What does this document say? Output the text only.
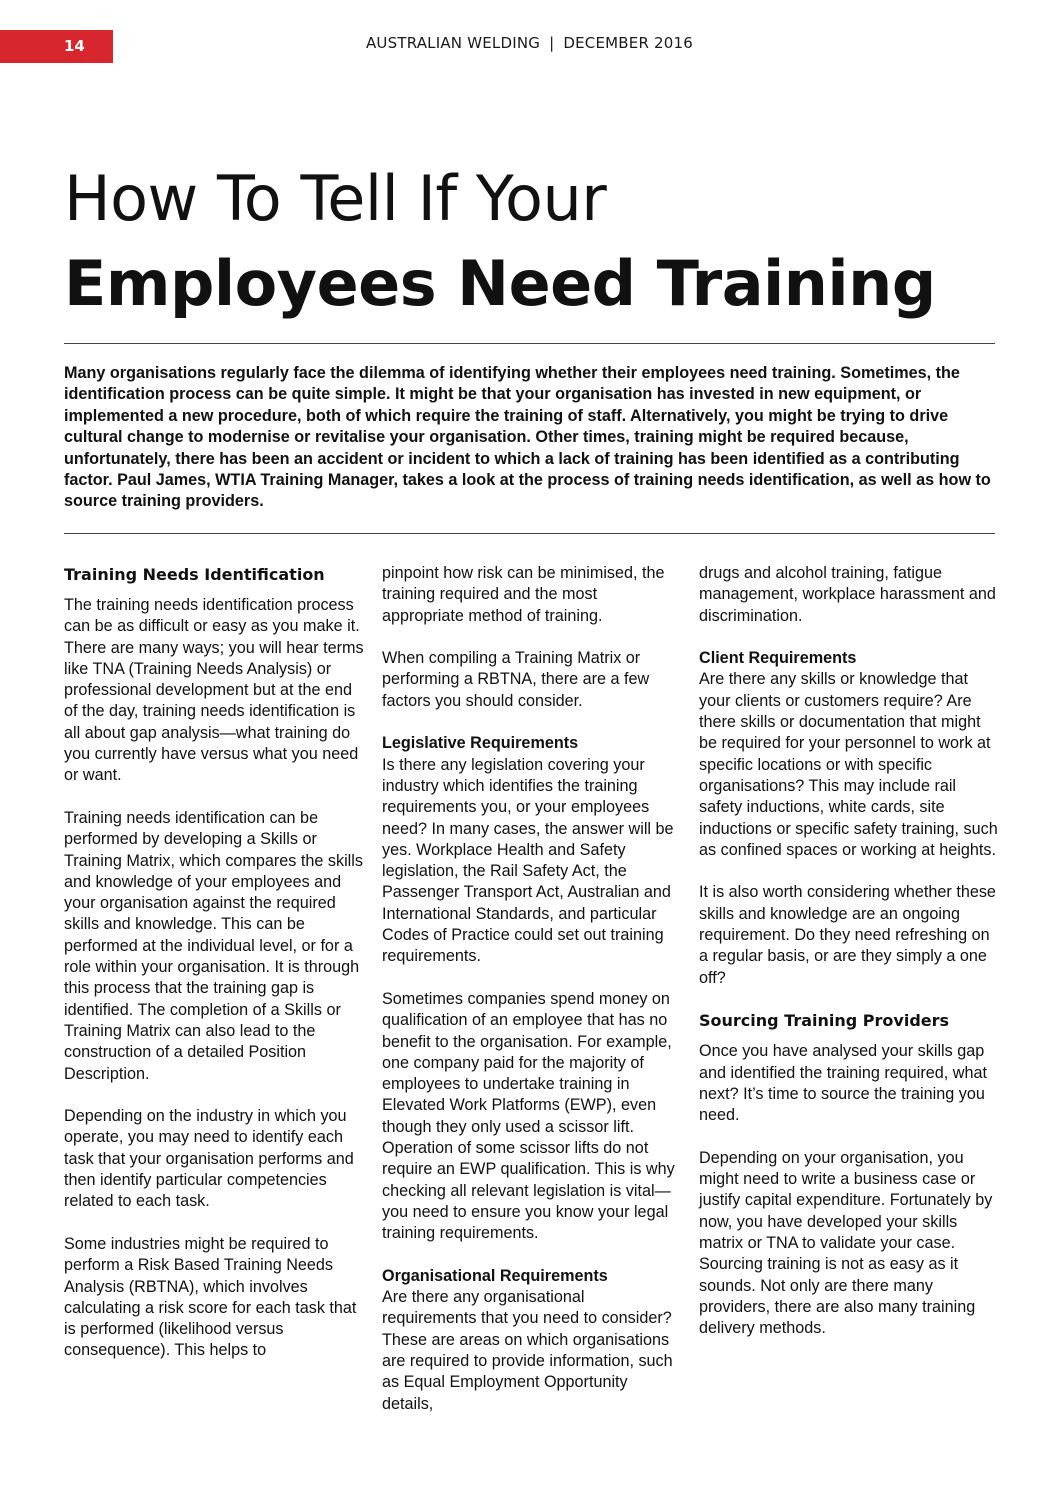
14	AUSTRALIAN WELDING | DECEMBER 2016
How To Tell If Your
Employees Need Training
Many organisations regularly face the dilemma of identifying whether their employees need training. Sometimes, the identification process can be quite simple. It might be that your organisation has invested in new equipment, or implemented a new procedure, both of which require the training of staff. Alternatively, you might be trying to drive cultural change to modernise or revitalise your organisation. Other times, training might be required because, unfortunately, there has been an accident or incident to which a lack of training has been identified as a contributing factor. Paul James, WTIA Training Manager, takes a look at the process of training needs identification, as well as how to source training providers.
Training Needs Identification

The training needs identification process can be as difficult or easy as you make it. There are many ways; you will hear terms like TNA (Training Needs Analysis) or professional development but at the end of the day, training needs identification is all about gap analysis—what training do you currently have versus what you need or want.

Training needs identification can be performed by developing a Skills or Training Matrix, which compares the skills and knowledge of your employees and your organisation against the required skills and knowledge. This can be performed at the individual level, or for a role within your organisation. It is through this process that the training gap is identified. The completion of a Skills or Training Matrix can also lead to the construction of a detailed Position Description.

Depending on the industry in which you operate, you may need to identify each task that your organisation performs and then identify particular competencies related to each task.

Some industries might be required to perform a Risk Based Training Needs Analysis (RBTNA), which involves calculating a risk score for each task that is performed (likelihood versus consequence). This helps to

pinpoint how risk can be minimised, the training required and the most appropriate method of training.

When compiling a Training Matrix or performing a RBTNA, there are a few factors you should consider.

Legislative Requirements

Is there any legislation covering your industry which identifies the training requirements you, or your employees need? In many cases, the answer will be yes. Workplace Health and Safety legislation, the Rail Safety Act, the Passenger Transport Act, Australian and International Standards, and particular Codes of Practice could set out training requirements.

Sometimes companies spend money on qualification of an employee that has no benefit to the organisation. For example, one company paid for the majority of employees to undertake training in Elevated Work Platforms (EWP), even though they only used a scissor lift. Operation of some scissor lifts do not require an EWP qualification. This is why checking all relevant legislation is vital—you need to ensure you know your legal training requirements.

Organisational Requirements

Are there any organisational requirements that you need to consider? These are areas on which organisations are required to provide information, such as Equal Employment Opportunity details,

drugs and alcohol training, fatigue management, workplace harassment and discrimination.

Client Requirements

Are there any skills or knowledge that your clients or customers require? Are there skills or documentation that might be required for your personnel to work at specific locations or with specific organisations? This may include rail safety inductions, white cards, site inductions or specific safety training, such as confined spaces or working at heights.

It is also worth considering whether these skills and knowledge are an ongoing requirement. Do they need refreshing on a regular basis, or are they simply a one off?

Sourcing Training Providers

Once you have analysed your skills gap and identified the training required, what next? It’s time to source the training you need.

Depending on your organisation, you might need to write a business case or justify capital expenditure. Fortunately by now, you have developed your skills matrix or TNA to validate your case. Sourcing training is not as easy as it sounds. Not only are there many providers, there are also many training delivery methods.
